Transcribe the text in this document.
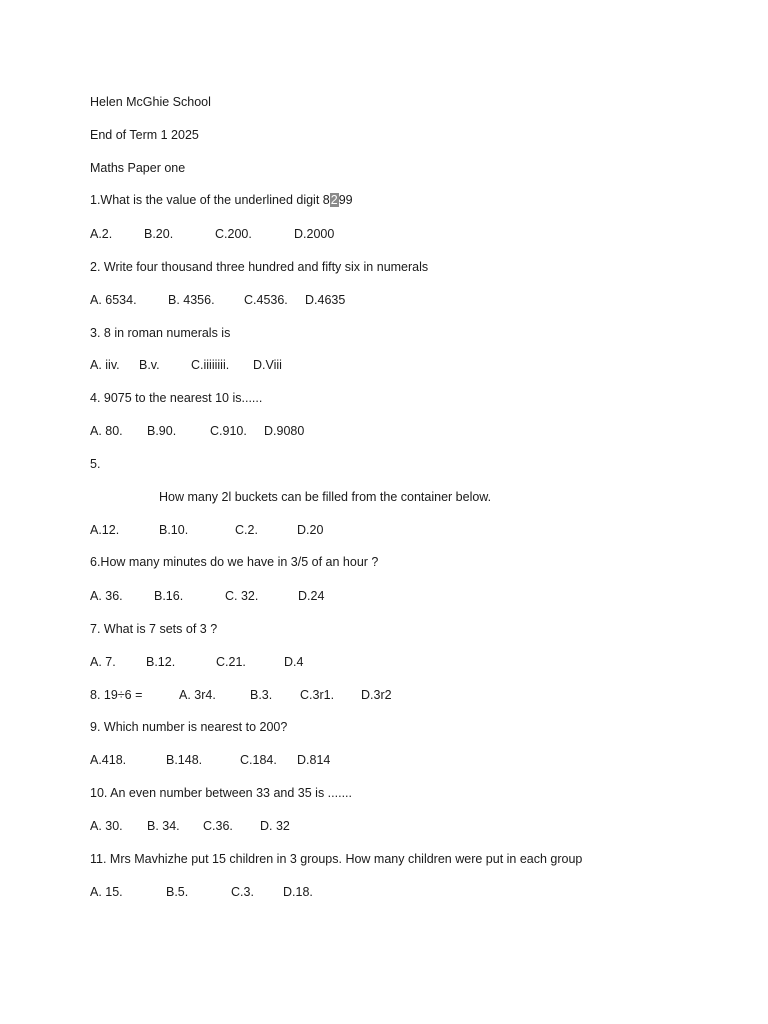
Helen McGhie School
End of Term 1 2025
Maths Paper one
1.What is the value of the underlined digit 8299
A.2.	B.20.	C.200.	D.2000
2. Write four thousand three hundred and fifty six in numerals
A. 6534.	B. 4356. C.4536. D.4635
3. 8 in roman numerals is
A. iiv. B.v.	C.iiiiiiii. D.Viii
4. 9075 to the nearest 10 is......
A. 80. B.90.	C.910. D.9080
5.
How many 2l buckets can be filled from the container below.
A.12.	B.10.	C.2.	D.20
6.How many minutes do we have in 3/5 of an hour ?
A. 36.	B.16.	C. 32.	D.24
7. What is 7 sets of 3 ?
A. 7. B.12.	C.21.	D.4
8. 19÷6 =	A. 3r4.	B.3. C.3r1. D.3r2
9. Which number is nearest to 200?
A.418.	B.148.	C.184. D.814
10. An even number between 33 and 35 is .......
A. 30. B. 34. C.36. D. 32
11. Mrs Mavhizhe put 15 children in 3 groups. How many children were put in each group
A. 15.	B.5.	C.3. D.18.
